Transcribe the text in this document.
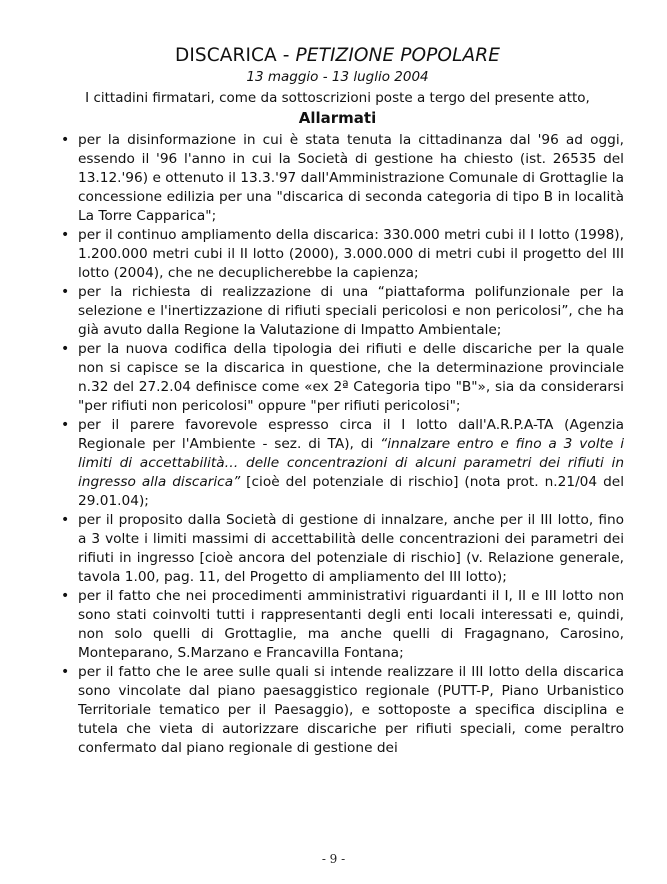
DISCARICA - PETIZIONE POPOLARE

13 maggio - 13 luglio 2004

I cittadini firmatari, come da sottoscrizioni poste a tergo del presente atto,

Allarmati

• per la disinformazione in cui è stata tenuta la cittadinanza dal '96 ad oggi, essendo il '96 l'anno in cui la Società di gestione ha chiesto (ist. 26535 del 13.12.'96) e ottenuto il 13.3.'97 dall'Amministrazione Comunale di Grottaglie la concessione edilizia per una "discarica di seconda categoria di tipo B in località La Torre Capparica";
• per il continuo ampliamento della discarica: 330.000 metri cubi il I lotto (1998), 1.200.000 metri cubi il II lotto (2000), 3.000.000 di metri cubi il progetto del III lotto (2004), che ne decuplicherebbe la capienza;
• per la richiesta di realizzazione di una “piattaforma polifunzionale per la selezione e l'inertizzazione di rifiuti speciali pericolosi e non pericolosi”, che ha già avuto dalla Regione la Valutazione di Impatto Ambientale;
• per la nuova codifica della tipologia dei rifiuti e delle discariche per la quale non si capisce se la discarica in questione, che la determinazione provinciale n.32 del 27.2.04 definisce come «ex 2ª Categoria tipo "B"», sia da considerarsi "per rifiuti non pericolosi" oppure "per rifiuti pericolosi";
• per il parere favorevole espresso circa il I lotto dall'A.R.P.A-TA (Agenzia Regionale per l'Ambiente - sez. di TA), di “innalzare entro e fino a 3 volte i limiti di accettabilità… delle concentrazioni di alcuni parametri dei rifiuti in ingresso alla discarica” [cioè del potenziale di rischio] (nota prot. n.21/04 del 29.01.04);
• per il proposito dalla Società di gestione di innalzare, anche per il III lotto, fino a 3 volte i limiti massimi di accettabilità delle concentrazioni dei parametri dei rifiuti in ingresso [cioè ancora del potenziale di rischio] (v. Relazione generale, tavola 1.00, pag. 11, del Progetto di ampliamento del III lotto);
• per il fatto che nei procedimenti amministrativi riguardanti il I, II e III lotto non sono stati coinvolti tutti i rappresentanti degli enti locali interessati e, quindi, non solo quelli di Grottaglie, ma anche quelli di Fragagnano, Carosino, Monteparano, S.Marzano e Francavilla Fontana;
• per il fatto che le aree sulle quali si intende realizzare il III lotto della discarica sono vincolate dal piano paesaggistico regionale (PUTT-P, Piano Urbanistico Territoriale tematico per il Paesaggio), e sottoposte a specifica disciplina e tutela che vieta di autorizzare discariche per rifiuti speciali, come peraltro confermato dal piano regionale di gestione dei
- 9 -
